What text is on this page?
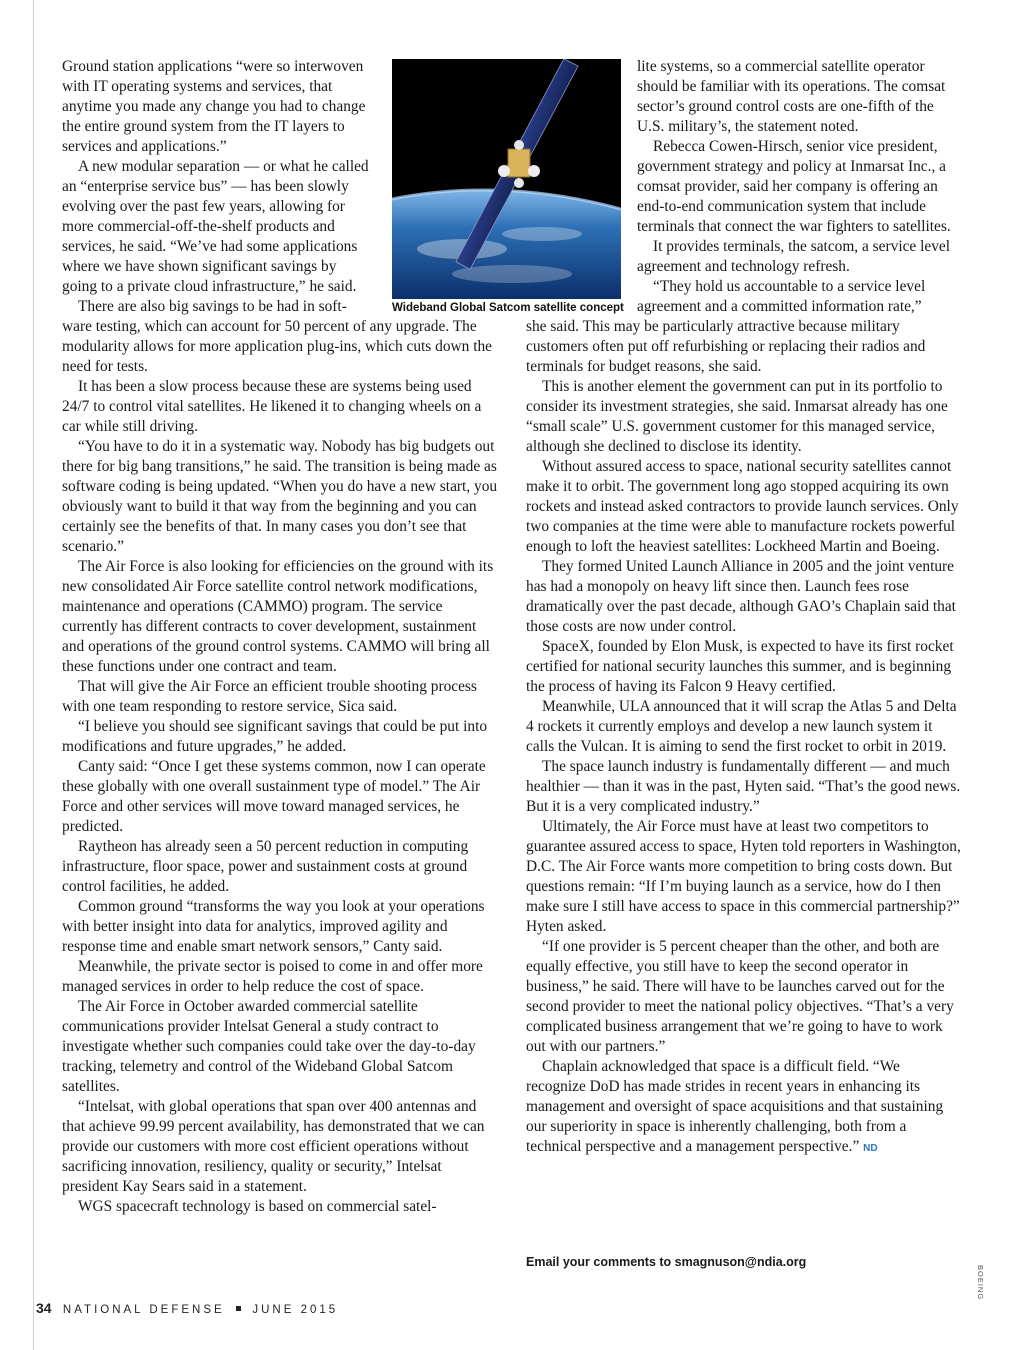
Ground station applications “were so interwoven with IT operating systems and services, that anytime you made any change you had to change the entire ground system from the IT layers to services and applications.”

A new modular separation — or what he called an “enterprise service bus” — has been slowly evolving over the past few years, allowing for more commercial-off-the-shelf products and services, he said. “We’ve had some applications where we have shown significant savings by going to a private cloud infrastructure,” he said.

There are also big savings to be had in soft-

ware testing, which can account for 50 percent of any upgrade. The modularity allows for more application plug-ins, which cuts down the need for tests.

It has been a slow process because these are systems being used 24/7 to control vital satellites. He likened it to changing wheels on a car while still driving.

“You have to do it in a systematic way. Nobody has big budgets out there for big bang transitions,” he said. The transition is being made as software coding is being updated. “When you do have a new start, you obviously want to build it that way from the beginning and you can certainly see the benefits of that. In many cases you don’t see that scenario.”

The Air Force is also looking for efficiencies on the ground with its new consolidated Air Force satellite control network modifications, maintenance and operations (CAMMO) program. The service currently has different contracts to cover development, sustainment and operations of the ground control systems. CAMMO will bring all these functions under one contract and team.

That will give the Air Force an efficient trouble shooting process with one team responding to restore service, Sica said.

“I believe you should see significant savings that could be put into modifications and future upgrades,” he added.

Canty said: “Once I get these systems common, now I can operate these globally with one overall sustainment type of model.” The Air Force and other services will move toward managed services, he predicted.

Raytheon has already seen a 50 percent reduction in computing infrastructure, floor space, power and sustainment costs at ground control facilities, he added.

Common ground “transforms the way you look at your operations with better insight into data for analytics, improved agility and response time and enable smart network sensors,” Canty said.

Meanwhile, the private sector is poised to come in and offer more managed services in order to help reduce the cost of space.

The Air Force in October awarded commercial satellite communications provider Intelsat General a study contract to investigate whether such companies could take over the day-to-day tracking, telemetry and control of the Wideband Global Satcom satellites.

“Intelsat, with global operations that span over 400 antennas and that achieve 99.99 percent availability, has demonstrated that we can provide our customers with more cost efficient operations without sacrificing innovation, resiliency, quality or security,” Intelsat president Kay Sears said in a statement.

WGS spacecraft technology is based on commercial satel-

Wideband Global Satcom satellite concept

lite systems, so a commercial satellite operator should be familiar with its operations. The comsat sector’s ground control costs are one-fifth of the U.S. military’s, the statement noted.

Rebecca Cowen-Hirsch, senior vice president, government strategy and policy at Inmarsat Inc., a comsat provider, said her company is offering an end-to-end communication system that include terminals that connect the war fighters to satellites.

It provides terminals, the satcom, a service level agreement and technology refresh.

“They hold us accountable to a service level agreement and a committed information rate,”

she said. This may be particularly attractive because military customers often put off refurbishing or replacing their radios and terminals for budget reasons, she said.

This is another element the government can put in its portfolio to consider its investment strategies, she said. Inmarsat already has one “small scale” U.S. government customer for this managed service, although she declined to disclose its identity.

Without assured access to space, national security satellites cannot make it to orbit. The government long ago stopped acquiring its own rockets and instead asked contractors to provide launch services. Only two companies at the time were able to manufacture rockets powerful enough to loft the heaviest satellites: Lockheed Martin and Boeing.

They formed United Launch Alliance in 2005 and the joint venture has had a monopoly on heavy lift since then. Launch fees rose dramatically over the past decade, although GAO’s Chaplain said that those costs are now under control.

SpaceX, founded by Elon Musk, is expected to have its first rocket certified for national security launches this summer, and is beginning the process of having its Falcon 9 Heavy certified.

Meanwhile, ULA announced that it will scrap the Atlas 5 and Delta 4 rockets it currently employs and develop a new launch system it calls the Vulcan. It is aiming to send the first rocket to orbit in 2019.

The space launch industry is fundamentally different — and much healthier — than it was in the past, Hyten said. “That’s the good news. But it is a very complicated industry.”

Ultimately, the Air Force must have at least two competitors to guarantee assured access to space, Hyten told reporters in Washington, D.C. The Air Force wants more competition to bring costs down. But questions remain: “If I’m buying launch as a service, how do I then make sure I still have access to space in this commercial partnership?” Hyten asked.

“If one provider is 5 percent cheaper than the other, and both are equally effective, you still have to keep the second operator in business,” he said. There will have to be launches carved out for the second provider to meet the national policy objectives. “That’s a very complicated business arrangement that we’re going to have to work out with our partners.”

Chaplain acknowledged that space is a difficult field. “We recognize DoD has made strides in recent years in enhancing its management and oversight of space acquisitions and that sustaining our superiority in space is inherently challenging, both from a technical perspective and a management perspective.” ND

Email your comments to smagnuson@ndia.org
BOEING
34 NATIONAL DEFENSE JUNE 2015
